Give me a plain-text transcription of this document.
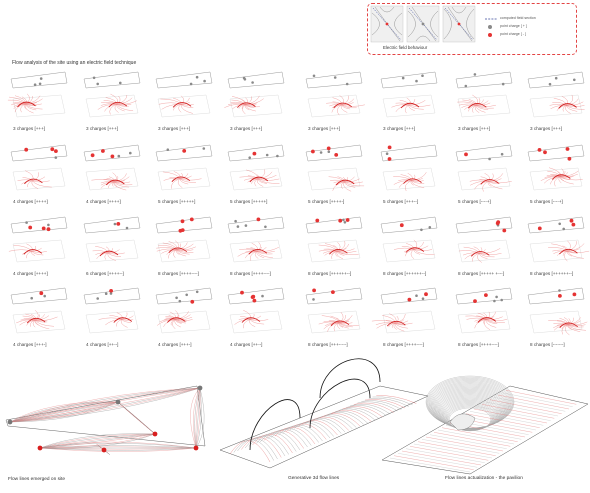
Flow analysis of the site using an electric field technique
Electric field behaviour
computed field section
point charge [ + ]
point charge [ - ]
3 charges [+++]	3 charges [+++]	3 charges [+++]	3 charges [+++]	3 charges [+++]	3 charges [+++]	3 charges [+++]	3 charges [+++]
4 charges [++++]	4 charges [++++]	5 charges [+++++]	5 charges [+++++]	5 charges [++++-]	5 charges [+++--]	5 charges [----+]	5 charges [----+]
4 charges [++++]	6 charges [++++--]	8 charges [++++----]	8 charges [++++----]	8 charges [++++++--]	8 charges [++++++--]	8 charges [+++++ +---]	8 charges [++++++--]
4 charges [+++-]	4 charges [++--]	4 charges [+++-]	4 charges [++--]	8 charges [+++-----]	8 charges [++++----]	8 charges [++++----]	8 charges [-------]
Flow lines emerged on site	Generative 3d flow lines	Flow lines actualization - the pavilion
